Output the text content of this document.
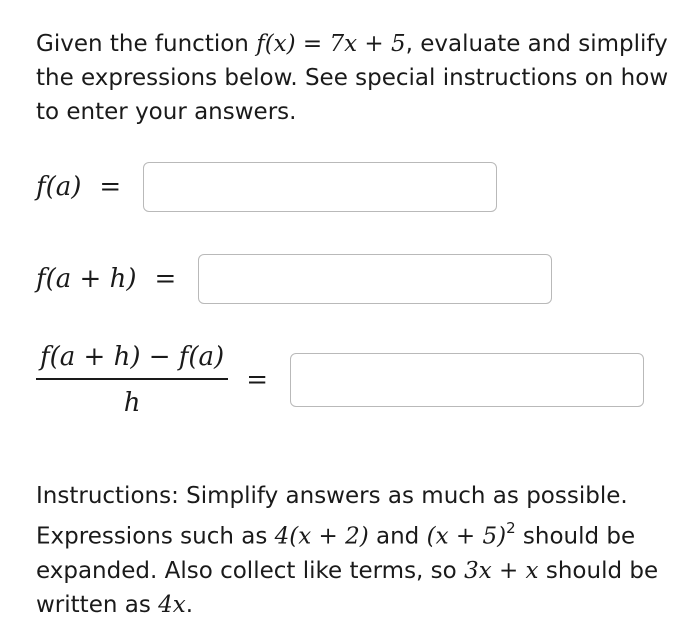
Given the function f(x) = 7x + 5, evaluate and simplify the expressions below. See special instructions on how to enter your answers.

f(a) =
f(a + h) =
$\frac{f(a + h) - f(a)}{h}$ =

Instructions: Simplify answers as much as possible. Expressions such as 4(x + 2) and $(x + 5)^2$ should be expanded. Also collect like terms, so 3x + x should be written as 4x.
